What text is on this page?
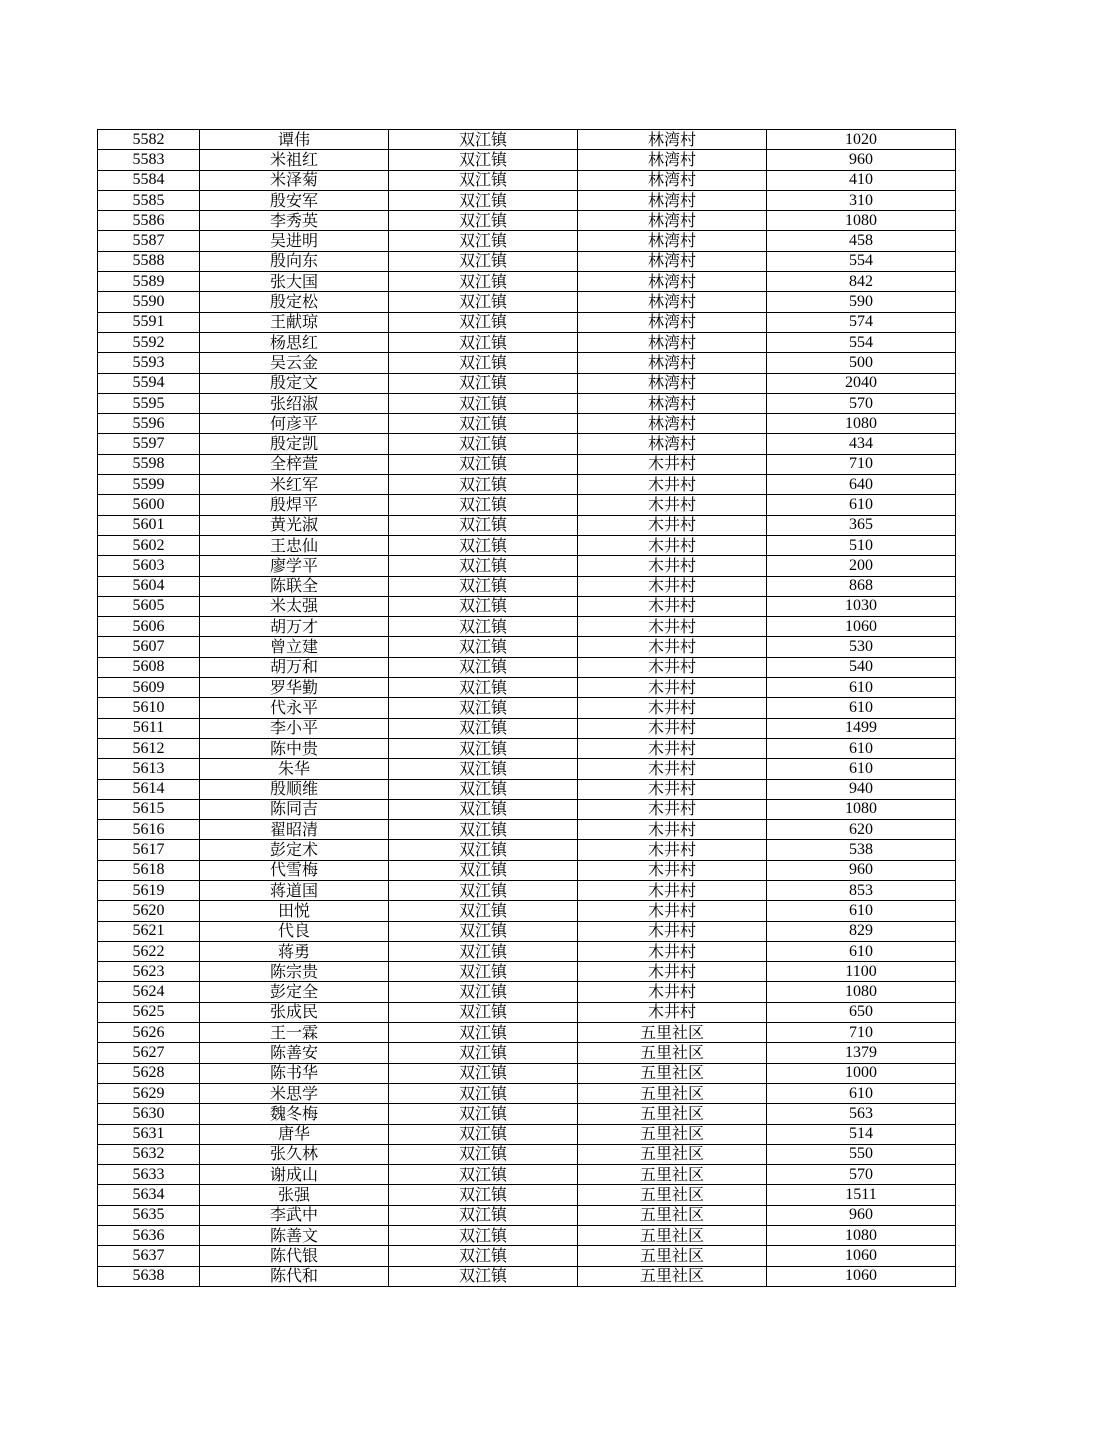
5582	谭伟	双江镇	林湾村	1020
5583	米祖红	双江镇	林湾村	960
5584	米泽菊	双江镇	林湾村	410
5585	殷安军	双江镇	林湾村	310
5586	李秀英	双江镇	林湾村	1080
5587	吴进明	双江镇	林湾村	458
5588	殷向东	双江镇	林湾村	554
5589	张大国	双江镇	林湾村	842
5590	殷定松	双江镇	林湾村	590
5591	王献琼	双江镇	林湾村	574
5592	杨思红	双江镇	林湾村	554
5593	吴云金	双江镇	林湾村	500
5594	殷定文	双江镇	林湾村	2040
5595	张绍淑	双江镇	林湾村	570
5596	何彦平	双江镇	林湾村	1080
5597	殷定凯	双江镇	林湾村	434
5598	全梓萱	双江镇	木井村	710
5599	米红军	双江镇	木井村	640
5600	殷焊平	双江镇	木井村	610
5601	黄光淑	双江镇	木井村	365
5602	王忠仙	双江镇	木井村	510
5603	廖学平	双江镇	木井村	200
5604	陈联全	双江镇	木井村	868
5605	米太强	双江镇	木井村	1030
5606	胡万才	双江镇	木井村	1060
5607	曾立建	双江镇	木井村	530
5608	胡万和	双江镇	木井村	540
5609	罗华勤	双江镇	木井村	610
5610	代永平	双江镇	木井村	610
5611	李小平	双江镇	木井村	1499
5612	陈中贵	双江镇	木井村	610
5613	朱华	双江镇	木井村	610
5614	殷顺维	双江镇	木井村	940
5615	陈同吉	双江镇	木井村	1080
5616	翟昭清	双江镇	木井村	620
5617	彭定术	双江镇	木井村	538
5618	代雪梅	双江镇	木井村	960
5619	蒋道国	双江镇	木井村	853
5620	田悦	双江镇	木井村	610
5621	代良	双江镇	木井村	829
5622	蒋勇	双江镇	木井村	610
5623	陈宗贵	双江镇	木井村	1100
5624	彭定全	双江镇	木井村	1080
5625	张成民	双江镇	木井村	650
5626	王一霖	双江镇	五里社区	710
5627	陈善安	双江镇	五里社区	1379
5628	陈书华	双江镇	五里社区	1000
5629	米思学	双江镇	五里社区	610
5630	魏冬梅	双江镇	五里社区	563
5631	唐华	双江镇	五里社区	514
5632	张久林	双江镇	五里社区	550
5633	谢成山	双江镇	五里社区	570
5634	张强	双江镇	五里社区	1511
5635	李武中	双江镇	五里社区	960
5636	陈善文	双江镇	五里社区	1080
5637	陈代银	双江镇	五里社区	1060
5638	陈代和	双江镇	五里社区	1060
